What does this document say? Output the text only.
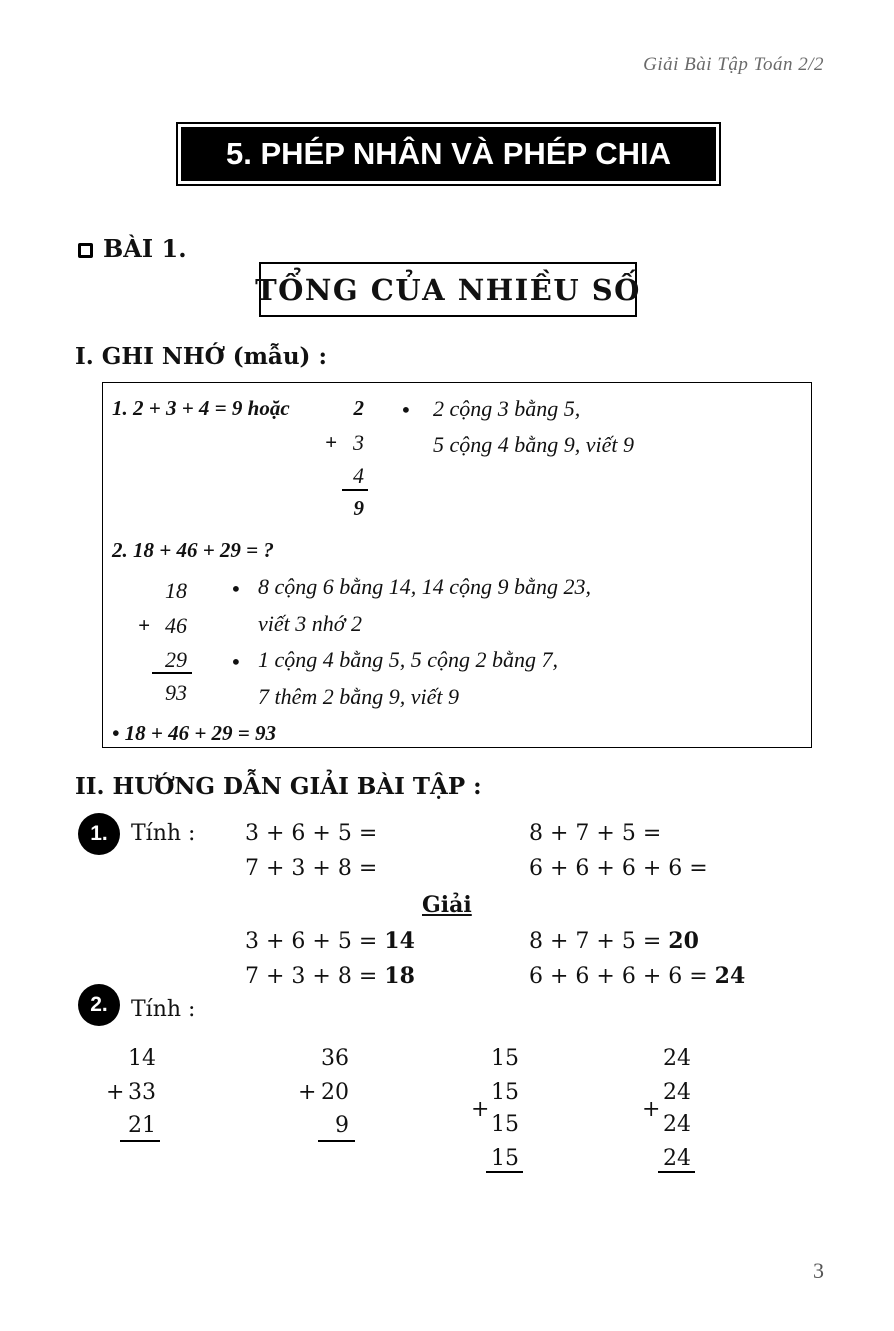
Giải Bài Tập Toán 2/2
5. PHÉP NHÂN VÀ PHÉP CHIA
BÀI 1.
TỔNG CỦA NHIỀU SỐ
I. GHI NHỚ (mẫu) :
1. 2 + 3 + 4 = 9 hoặc	2
+ 3
4
9
• 2 cộng 3 bằng 5,
5 cộng 4 bằng 9, viết 9
2. 18 + 46 + 29 = ?
18
+ 46
29
93
• 8 cộng 6 bằng 14, 14 cộng 9 bằng 23,
viết 3 nhớ 2
• 1 cộng 4 bằng 5, 5 cộng 2 bằng 7,
7 thêm 2 bằng 9, viết 9
• 18 + 46 + 29 = 93
II. HƯỚNG DẪN GIẢI BÀI TẬP :
1.	Tính : 3 + 6 + 5 =	8 + 7 + 5 =
7 + 3 + 8 =	6 + 6 + 6 + 6 =
Giải
3 + 6 + 5 = 14	8 + 7 + 5 = 20
7 + 3 + 8 = 18	6 + 6 + 6 + 6 = 24
2.	Tính :
14
+ 33
21
36
+ 20
9
15
15
+
15
15
24
24
+
24
24
3
